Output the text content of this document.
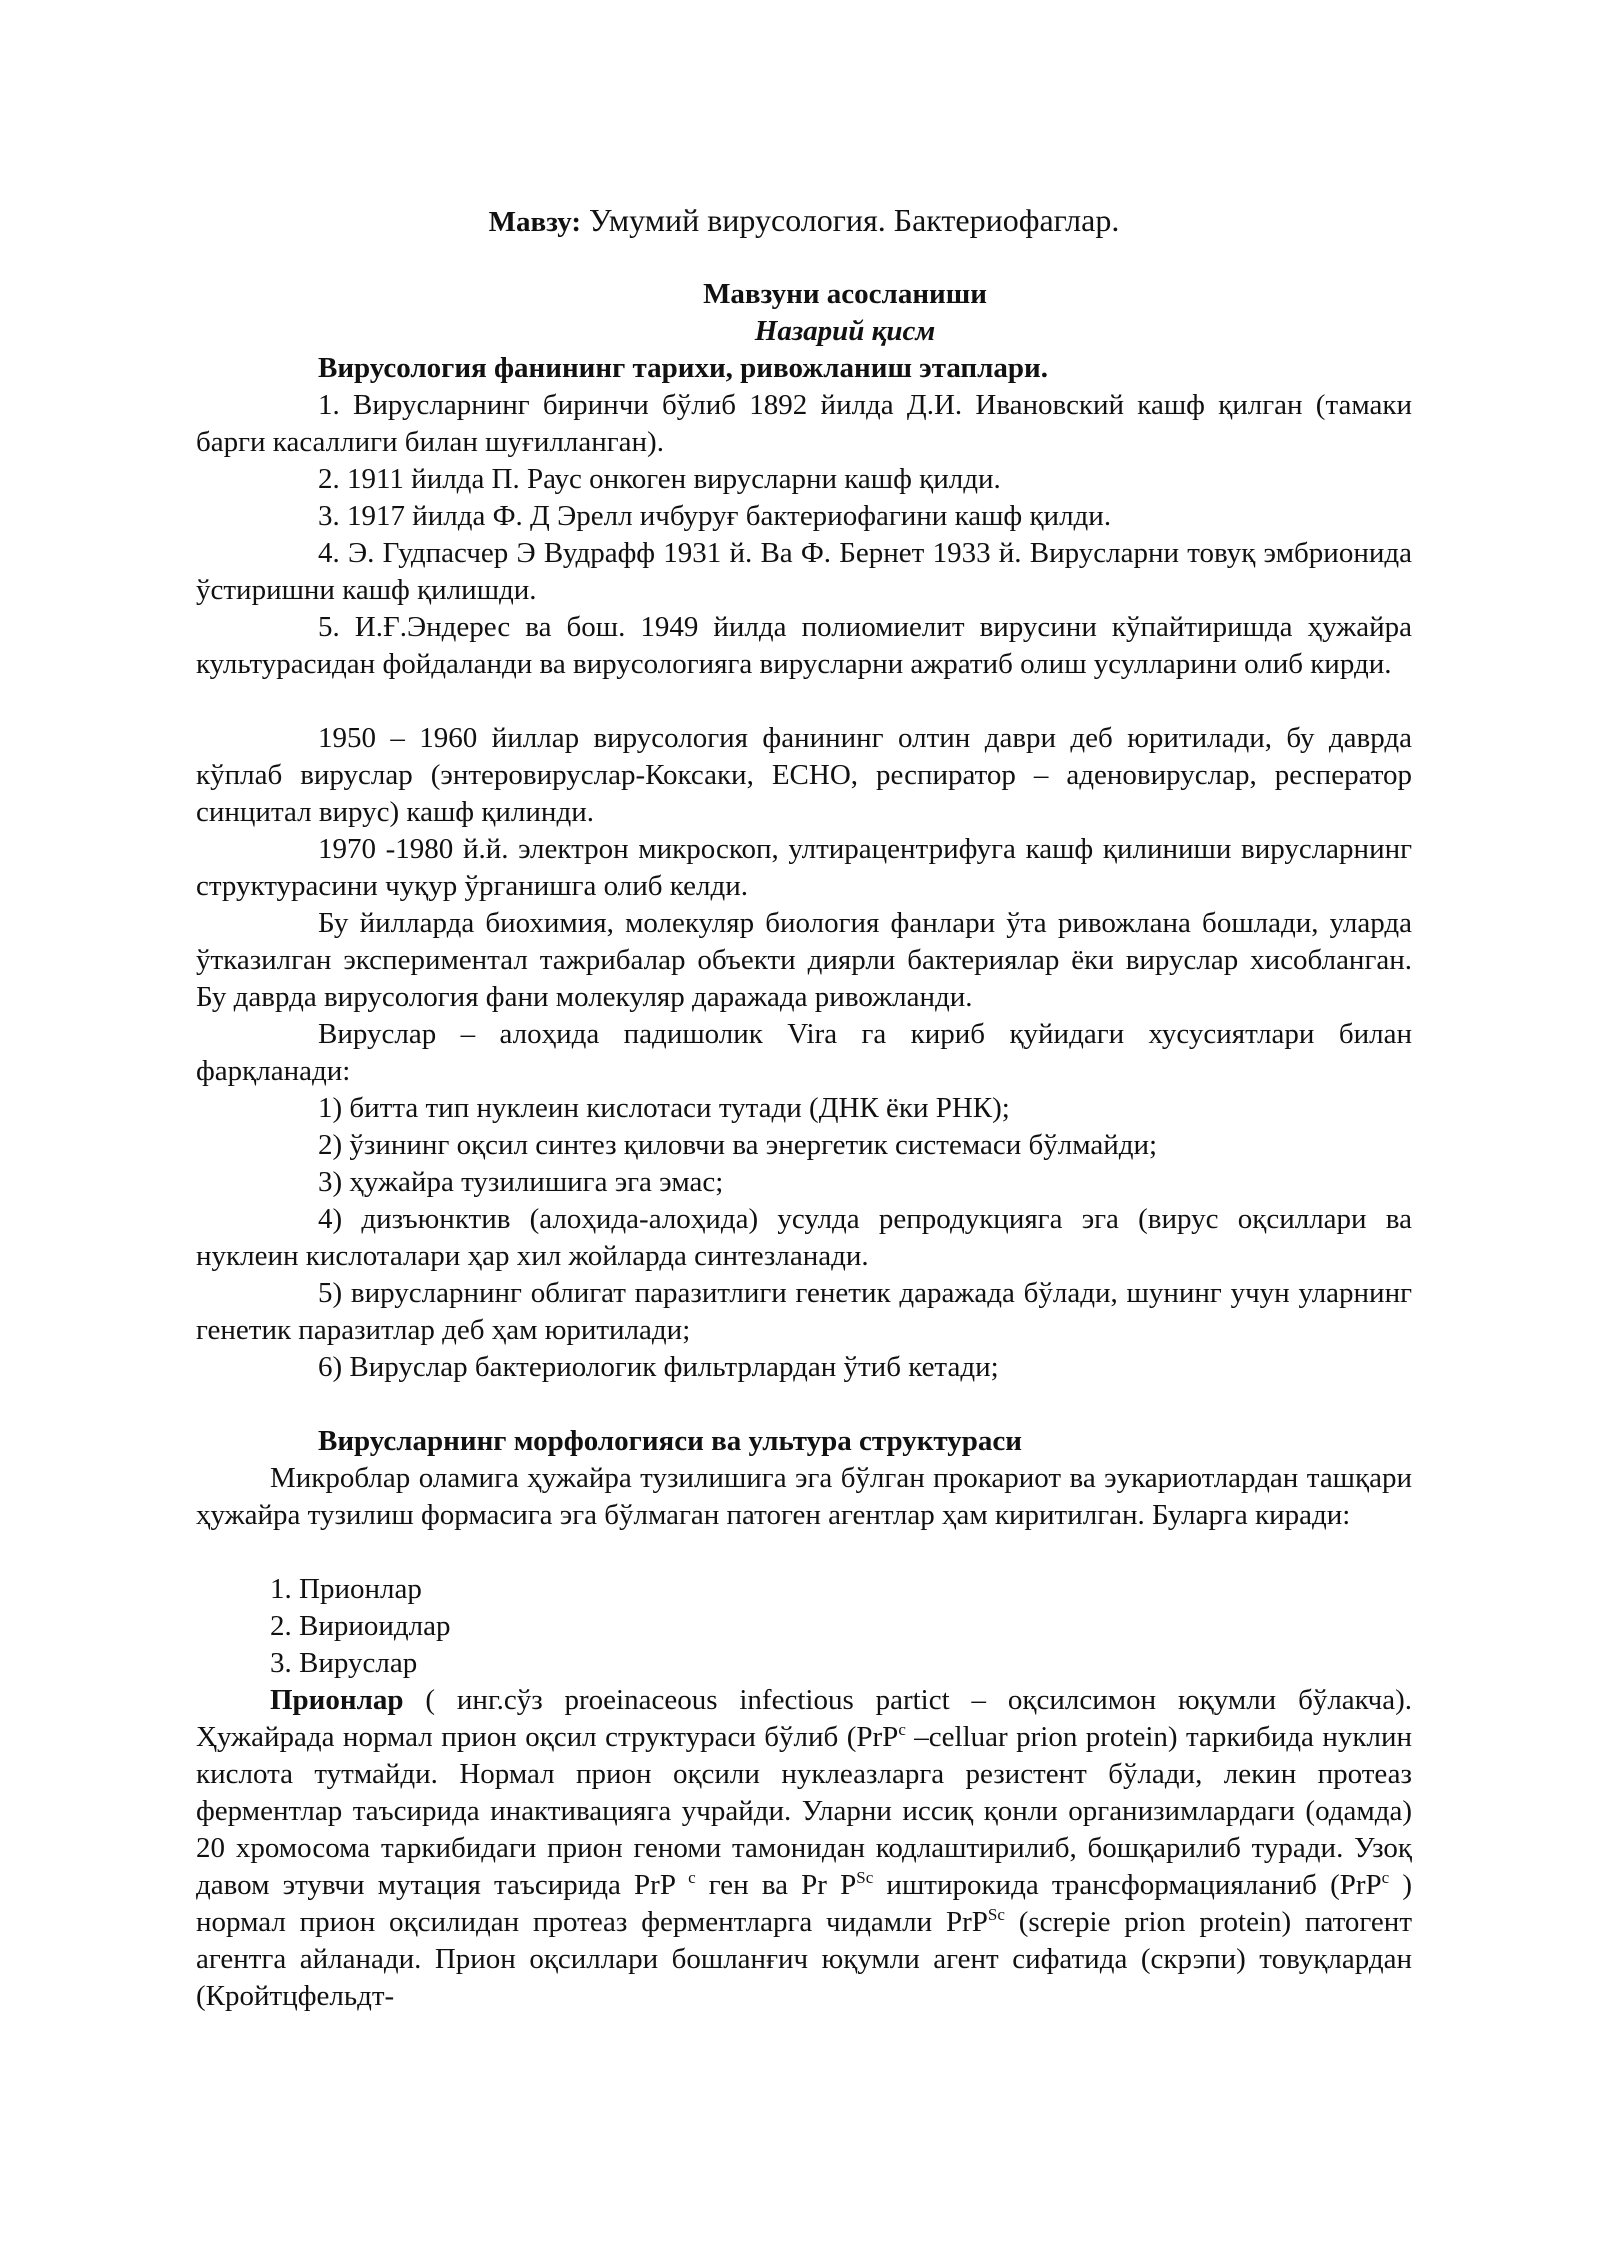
Мавзу: Умумий вирусология. Бактериофаглар.

Мавзуни асосланиши

Назарий қисм

Вирусология фанининг тарихи, ривожланиш этаплари.

1. Вирусларнинг биринчи бўлиб 1892 йилда Д.И. Ивановский кашф қилган (тамаки барги касаллиги билан шуғилланган).

2. 1911 йилда П. Раус онкоген вирусларни кашф қилди.

3. 1917 йилда Ф. Д Эрелл ичбуруғ бактериофагини кашф қилди.

4. Э. Гудпасчер Э Вудрафф 1931 й. Ва Ф. Бернет 1933 й. Вирусларни товуқ эмбрионида ўстиришни кашф қилишди.

5. И.Ғ.Эндерес ва бош. 1949 йилда полиомиелит вирусини кўпайтиришда ҳужайра культурасидан фойдаланди ва вирусологияга вирусларни ажратиб олиш усулларини олиб кирди.

1950 – 1960 йиллар вирусология фанининг олтин даври деб юритилади, бу даврда кўплаб вируслар (энтеровируслар-Коксаки, ЕСНО, респиратор – аденовируслар, респератор синцитал вирус) кашф қилинди.

1970 -1980 й.й. электрон микроскоп, ултирацентрифуга кашф қилиниши вирусларнинг структурасини чуқур ўрганишга олиб келди.

Бу йилларда биохимия, молекуляр биология фанлари ўта ривожлана бошлади, уларда ўтказилган экспериментал тажрибалар объекти диярли бактериялар ёки вируслар хисобланган. Бу даврда вирусология фани молекуляр даражада ривожланди.

Вируслар – алоҳида падишолик Vira га кириб қуйидаги хусусиятлари билан фарқланади:

1) битта тип нуклеин кислотаси тутади (ДНК ёки РНК);

2) ўзининг оқсил синтез қиловчи ва энергетик системаси бўлмайди;

3) ҳужайра тузилишига эга эмас;

4) дизъюнктив (алоҳида-алоҳида) усулда репродукцияга эга (вирус оқсиллари ва нуклеин кислоталари ҳар хил жойларда синтезланади.

5) вирусларнинг облигат паразитлиги генетик даражада бўлади, шунинг учун уларнинг генетик паразитлар деб ҳам юритилади;

6) Вируслар бактериологик фильтрлардан ўтиб кетади;

Вирусларнинг морфологияси ва ультура структураси

Микроблар оламига ҳужайра тузилишига эга бўлган прокариот ва эукариотлардан ташқари ҳужайра тузилиш формасига эга бўлмаган патоген агентлар ҳам киритилган. Буларга киради:

1. Прионлар

2. Вириоидлар

3. Вируслар

Прионлар ( инг.сўз proeinaceous infectious partict – оқсилсимон юқумли бўлакча). Ҳужайрада нормал прион оқсил структураси бўлиб (PrP$^c$ –celluar prion protein) таркибида нуклин кислота тутмайди. Нормал прион оқсили нуклеазларга резистент бўлади, лекин протеаз ферментлар таъсирида инактивацияга учрайди. Уларни иссиқ қонли организимлардаги (одамда) 20 хромосома таркибидаги прион геноми тамонидан кодлаштирилиб, бошқарилиб туради. Узоқ давом этувчи мутация таъсирида PrP $^c$ ген ва Pr $P^{Sc}$ иштирокида трансформацияланиб (PrP$^c$ ) нормал прион оқсилидан протеаз ферментларга чидамли PrP$^{Sc}$ (screpie prion protein) патогент агентга айланади. Прион оқсиллари бошланғич юқумли агент сифатида (скрэпи) товуқлардан (Кройтцфельдт-
